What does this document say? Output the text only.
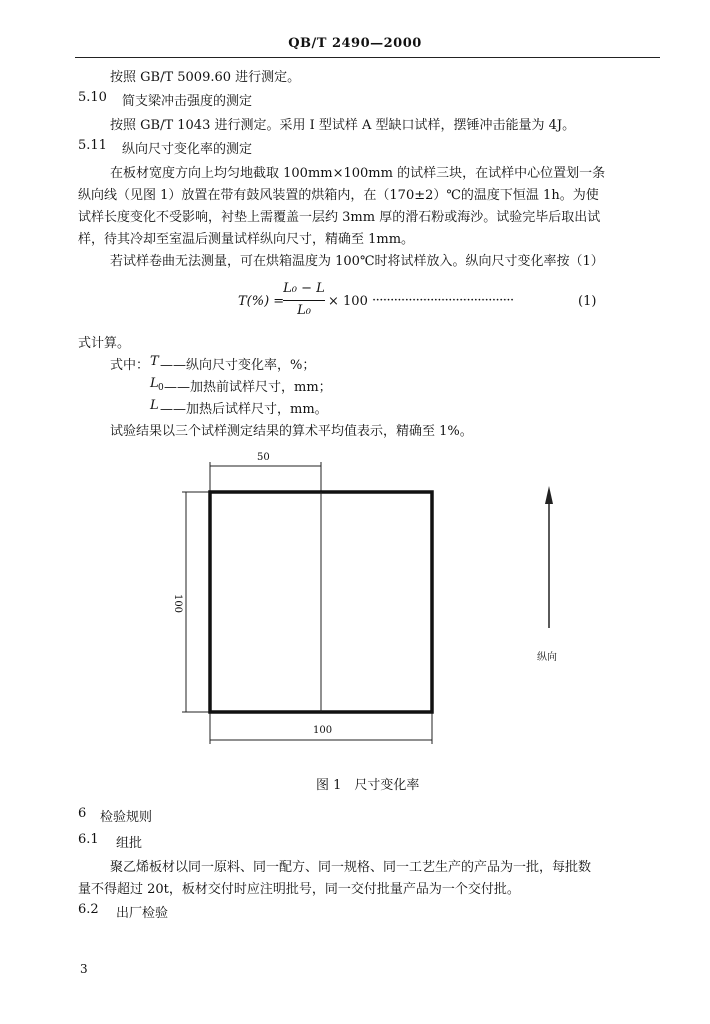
QB/T 2490—2000
按照 GB/T 5009.60 进行测定。
5.10 简支梁冲击强度的测定
按照 GB/T 1043 进行测定。采用 Ⅰ 型试样 A 型缺口试样，摆锤冲击能量为 4J。
5.11 纵向尺寸变化率的测定
在板材宽度方向上均匀地截取 100mm×100mm 的试样三块，在试样中心位置划一条
纵向线（见图 1）放置在带有鼓风装置的烘箱内，在（170±2）℃的温度下恒温 1h。为使
试样长度变化不受影响，衬垫上需覆盖一层约 3mm 厚的滑石粉或海沙。试验完毕后取出试
样，待其冷却至室温后测量试样纵向尺寸，精确至 1mm。
若试样卷曲无法测量，可在烘箱温度为 100℃时将试样放入。纵向尺寸变化率按（1）
T(%) =
L₀ − L
L₀
× 100 ·······································	(1)
式计算。
式中： T ——纵向尺寸变化率，%；
L 0 ——加热前试样尺寸，mm；
L ——加热后试样尺寸，mm。
试验结果以三个试样测定结果的算术平均值表示，精确至 1%。
50
100
100
纵向
图 1　尺寸变化率
6 检验规则
6.1 组批
聚乙烯板材以同一原料、同一配方、同一规格、同一工艺生产的产品为一批，每批数
量不得超过 20t，板材交付时应注明批号，同一交付批量产品为一个交付批。
6.2 出厂检验
3
